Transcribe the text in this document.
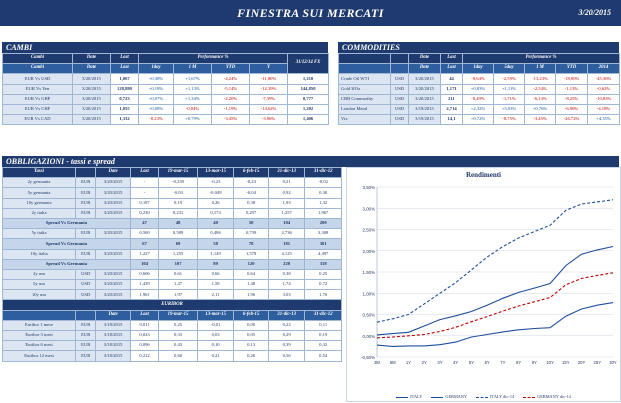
FINESTRA SUI MERCATI	3/20/2015
CAMBI
Cambi	Date	Last	Performance %				31/12/14 FX
Cambi	Date	Last	1day	1 M	YTD	Y	
EUR Vs USD	3/20/2015	1,067	+0,38%	+1,67%	-4,24%	-11,80%	1,210
EUR Vs Yen	3/20/2015	128,880	+0,18%	+1,13%	-5,14%	-12,39%	144,850
EUR Vs GBP	3/20/2015	0,723	+0,07%	+1,34%	-2,20%	-7,39%	0,777
EUR Vs CHF	3/20/2015	1,055	+0,08%	-0,04%	-1,19%	-14,62%	1,202
EUR Vs CAD	3/20/2015	1,332	-0,23%	+0,79%	-3,45%	-3,96%	1,406
COMMODITIES
		Date	Last	Performance %				
		Date	Last	1day	5day	1 M	YTD	2014
Crude Oil WTI	USD	3/20/2015	44	-0,64%	-2,59%	-13,23%	-18,00%	-45,36%
Gold $/Oz	USD	3/20/2015	1,171	+0,83%	+1,11%	-2,54%	-1,13%	-0,62%
CRB Commodity	USD	3/20/2015	211	-0,49%	-1,71%	-6,13%	-8,25%	-10,83%
London Metal	USD	3/19/2015	2,714	+2,32%	+5,03%	+0,76%	-6,90%	-4,18%
Vix	USD	3/19/2015	14,1	+0,72%	-8,75%	-3,45%	-26,72%	+4,35%
OBBLIGAZIONI - tassi e spread
Tassi		Date	Last	19-mar-15	13-mar-15	6-feb-15	31-dic-13	31-dic-12
2y germania	EUR	3/20/2015	-	-0,239	-0,23	-0,23	0,21	-0,02
5y germania	EUR	3/20/2015	-	-0,03	-0,049	-0,04	0,92	0,30
10y germania	EUR	3/20/2015	0,187	0,19	0,26	0,38	1,93	1,32
2y italia	EUR	3/20/2015	0,230	0,231	0,173	0,297	1,257	1,967
Spread Vs Germania			47	48	40	50	104	200
5y italia	EUR	3/20/2015	0,569	0,589	0,486	0,739	2,736	3,308
Spread Vs Germania			67	69	58	78	181	301
10y italia	EUR	3/20/2015	1,227	1,255	1,149	1,578	4,125	4,497
Spread Vs Germania			104	107	89	120	220	318
2y usa	USD	3/20/2015	0,606	0,61	0,66	0,64	0,38	0,25
5y usa	USD	3/20/2015	1,439	1,47	1,58	1,48	1,74	0,72
10y usa	USD	3/20/2015	1,961	1,97	2,11	1,96	3,03	1,76
EURIBOR								
		Date	Last	19-mar-15	13-mar-15	6-feb-15	31-dic-13	31-dic-12
Euribor 1 mese	EUR	3/18/2015	0,011	0,25	-0,01	0,00	0,22	0,11
Euribor 3 mesi	EUR	3/18/2015	0,023	0,33	0,03	0,05	0,29	0,19
Euribor 6 mesi	EUR	3/18/2015	0,096	0,43	0,10	0,13	0,39	0,32
Euribor 12 mesi	EUR	3/18/2015	0,212	0,60	0,21	0,26	0,56	0,54
Rendimenti
-0,50%
0,00%
0,50%
1,00%
1,50%
2,00%
2,50%
3,00%
3,50%
3M 6M 1Y	2Y	3Y	4Y	5Y	6Y	7Y	8Y	9Y 10Y 15Y 20Y 25Y 30Y
ITALY	GERMANY	ITALY dic-14	GERMANY dic-14
